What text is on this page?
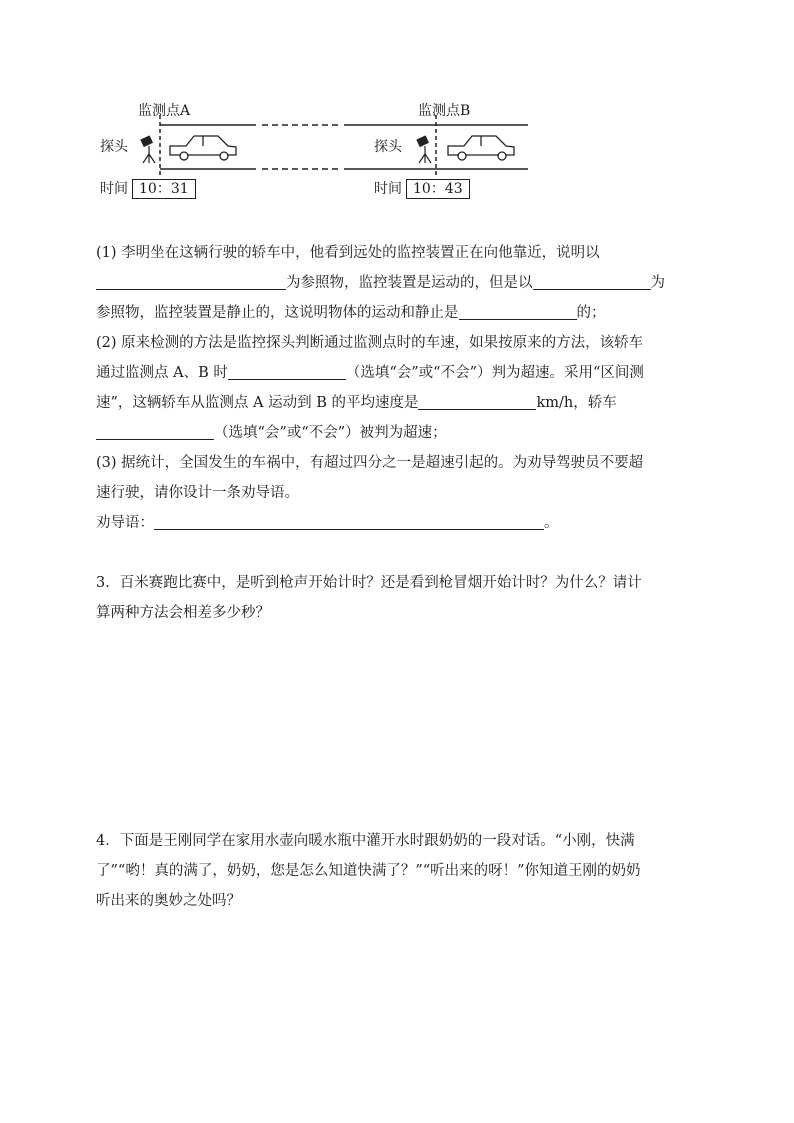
监测点A	监测点B
探头	探头
时间 10：31	时间 10：43
(1) 李明坐在这辆行驶的轿车中，他看到远处的监控装置正在向他靠近，说明以
为参照物，监控装置是运动的，但是以	为
参照物，监控装置是静止的，这说明物体的运动和静止是	的；
(2) 原来检测的方法是监控探头判断通过监测点时的车速，如果按原来的方法，该轿车
通过监测点 A、B 时	（选填“会”或“不会”）判为超速。采用“区间测
速”，这辆轿车从监测点 A 运动到 B 的平均速度是	km/h，轿车
（选填“会”或“不会”）被判为超速；
(3) 据统计，全国发生的车祸中，有超过四分之一是超速引起的。为劝导驾驶员不要超
速行驶，请你设计一条劝导语。
劝导语：	。
3．百米赛跑比赛中，是听到枪声开始计时？还是看到枪冒烟开始计时？为什么？请计
算两种方法会相差多少秒？
4．下面是王刚同学在家用水壶向暖水瓶中灌开水时跟奶奶的一段对话。“小刚，快满
了”“哟！真的满了，奶奶，您是怎么知道快满了？”“听出来的呀！”你知道王刚的奶奶
听出来的奥妙之处吗？
